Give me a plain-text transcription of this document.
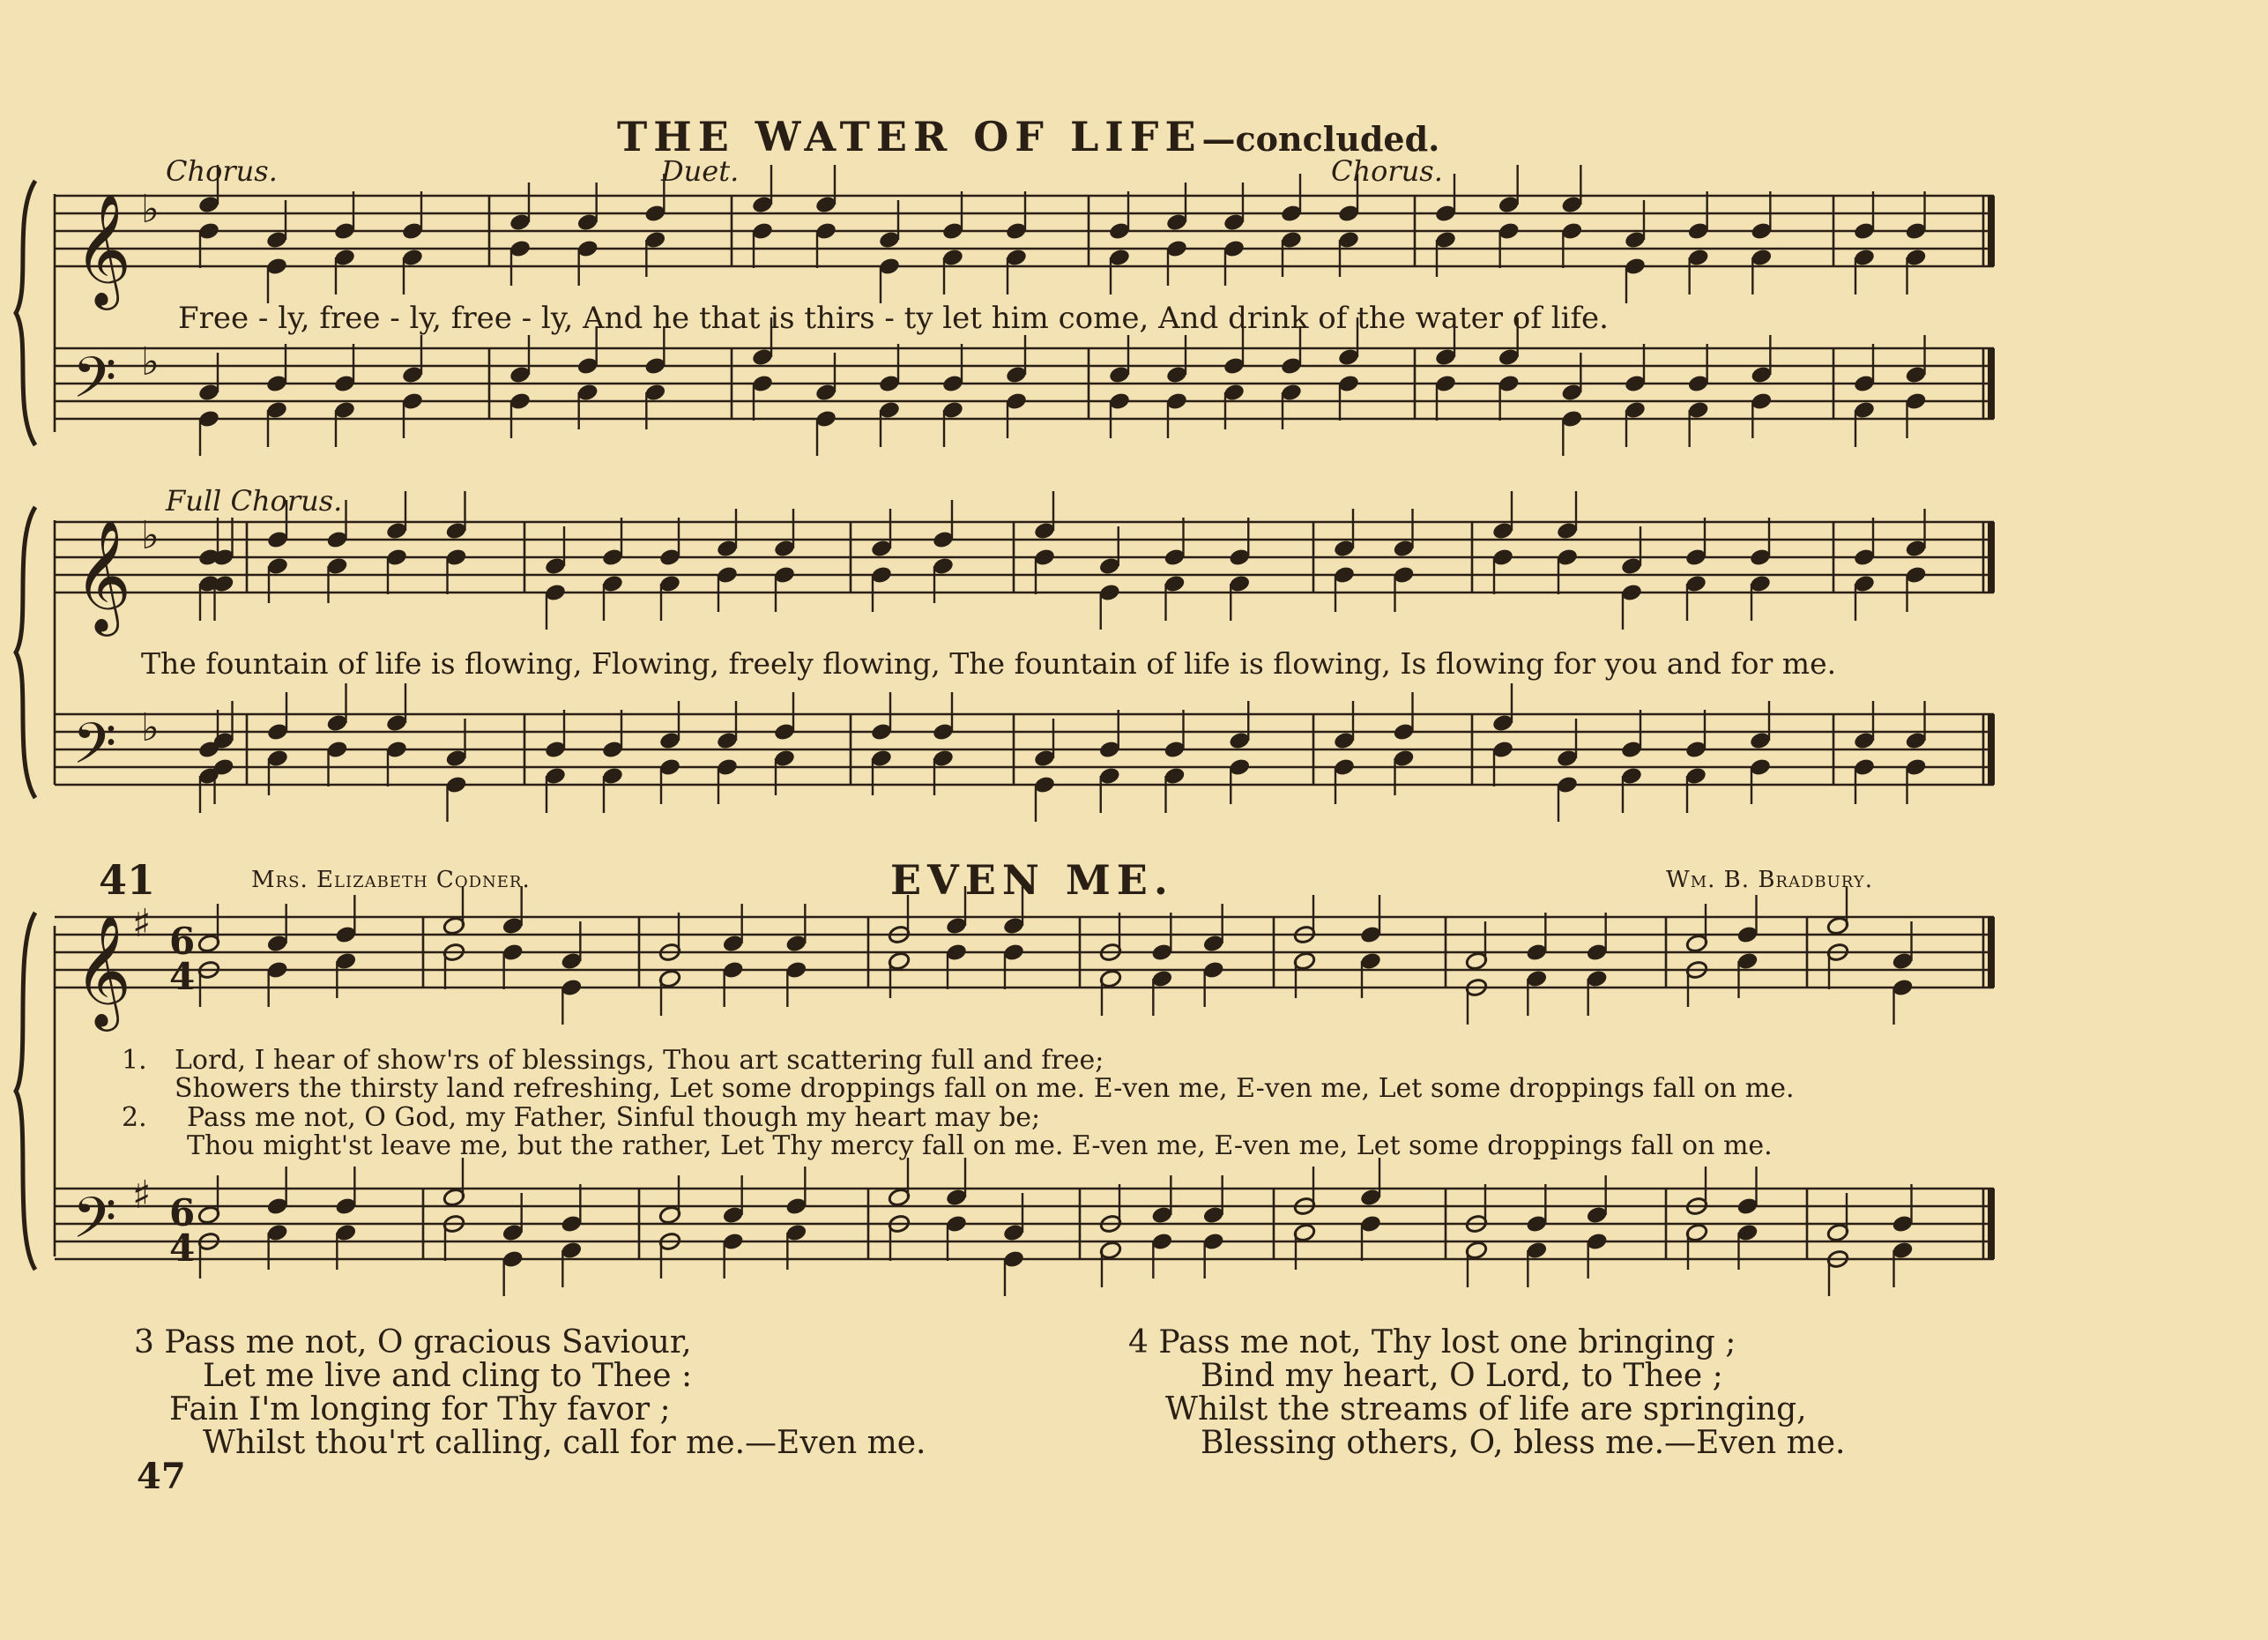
𝄞
𝄢
𝄞
𝄢
𝄞
𝄢
♭
♭
♭
♭
♯
♯
6
4
6
4
THE WATER OF LIFE—concluded.
Chorus.	Duet.	Chorus.
Free - ly, free - ly, free - ly, And he that is thirs - ty let him come, And drink of the water of life.
Full Chorus.
The fountain of life is flowing, Flowing, freely flowing, The fountain of life is flowing, Is flowing for you and for me.
41	Mrs. Elizabeth Codner.	EVEN ME.	Wm. B. Bradbury.
1. Lord, I hear of show'rs of blessings, Thou art scattering full and free;
Showers the thirsty land refreshing, Let some droppings fall on me. E-ven me, E-ven me, Let some droppings fall on me.
2. Pass me not, O God, my Father, Sinful though my heart may be;
Thou might'st leave me, but the rather, Let Thy mercy fall on me. E-ven me, E-ven me, Let some droppings fall on me.
3 Pass me not, O gracious Saviour,
Let me live and cling to Thee :
Fain I'm longing for Thy favor ;
Whilst thou'rt calling, call for me.—Even me.
4 Pass me not, Thy lost one bringing ;
Bind my heart, O Lord, to Thee ;
Whilst the streams of life are springing,
Blessing others, O, bless me.—Even me.
47
